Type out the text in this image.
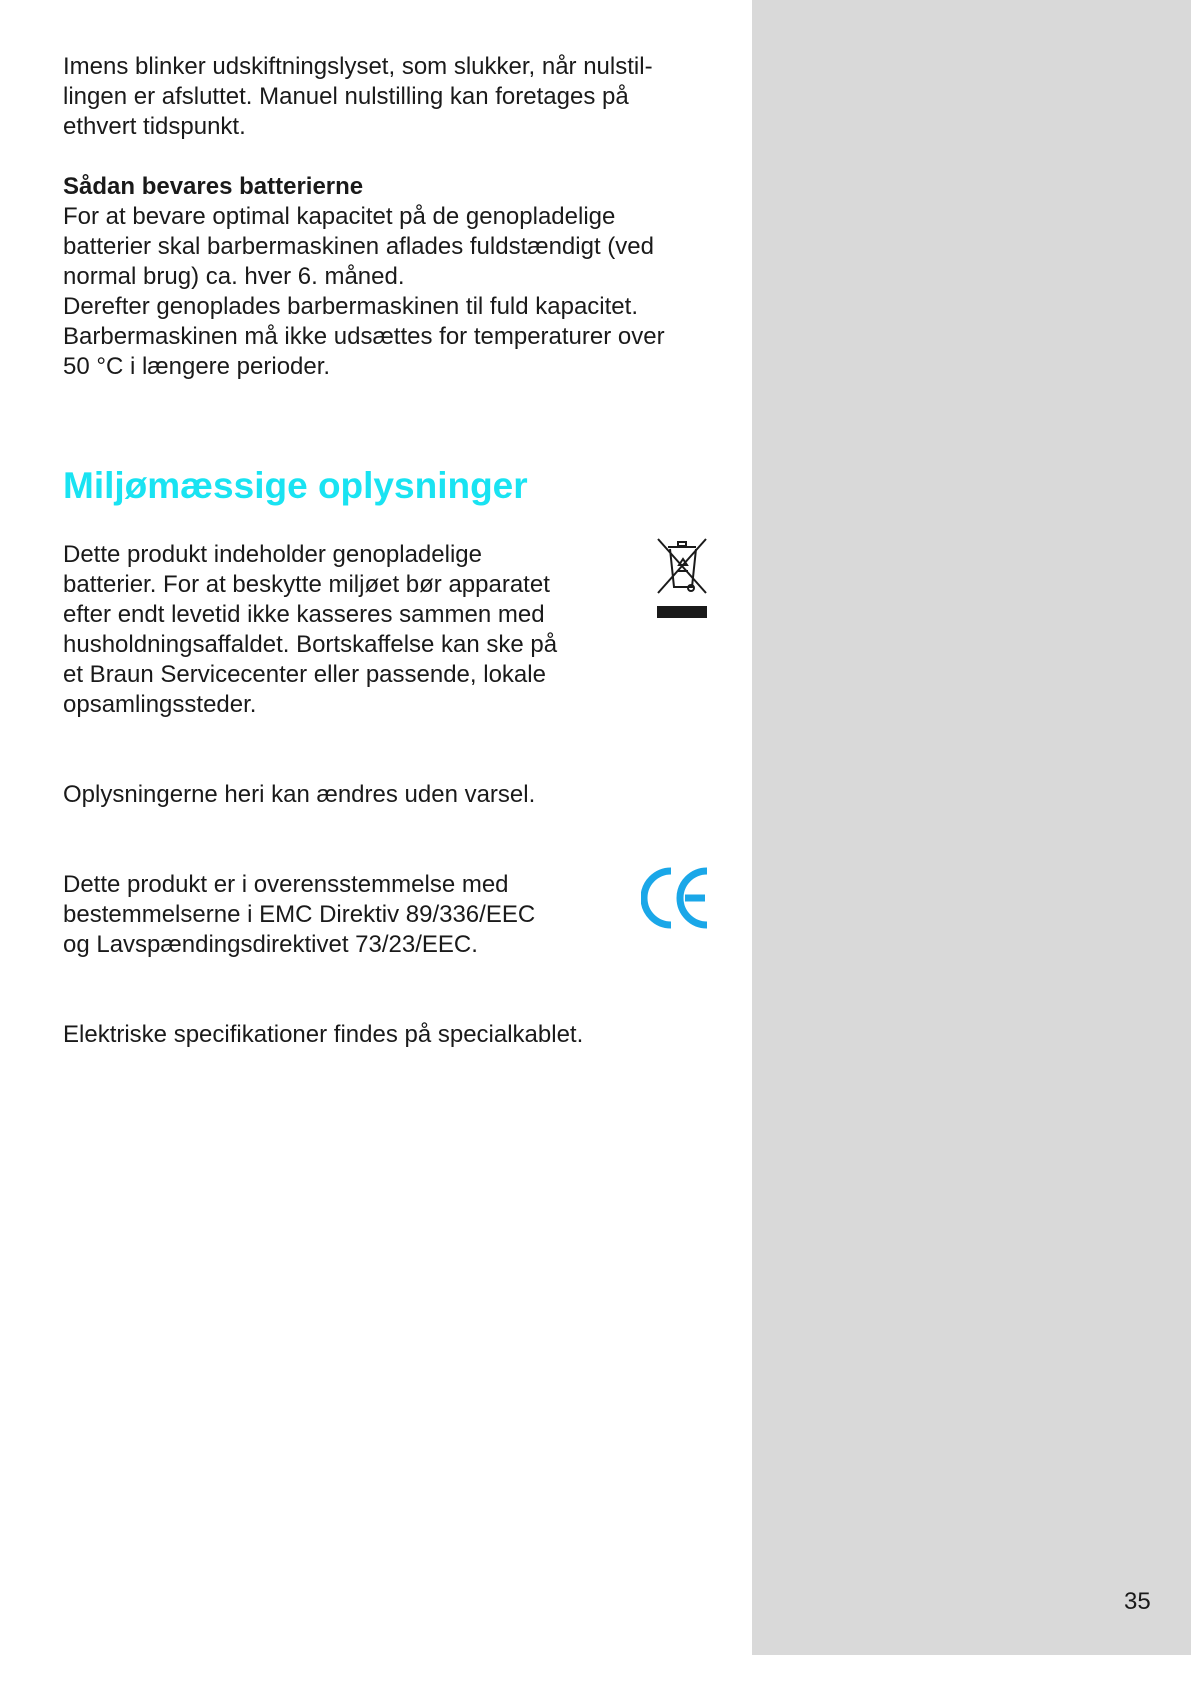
35

Imens blinker udskiftningslyset, som slukker, når nulstil-
lingen er afsluttet. Manuel nulstilling kan foretages på
ethvert tidspunkt.

Sådan bevares batterierne

For at bevare optimal kapacitet på de genopladelige
batterier skal barbermaskinen aflades fuldstændigt (ved
normal brug) ca. hver 6. måned.
Derefter genoplades barbermaskinen til fuld kapacitet.
Barbermaskinen må ikke udsættes for temperaturer over
50 °C i længere perioder.

Miljømæssige oplysninger

Dette produkt indeholder genopladelige
batterier. For at beskytte miljøet bør apparatet
efter endt levetid ikke kasseres sammen med
husholdningsaffaldet. Bortskaffelse kan ske på
et Braun Servicecenter eller passende, lokale
opsamlingssteder.

Oplysningerne heri kan ændres uden varsel.

Dette produkt er i overensstemmelse med
bestemmelserne i EMC Direktiv 89/336/EEC
og Lavspændingsdirektivet 73/23/EEC.

Elektriske specifikationer findes på specialkablet.
